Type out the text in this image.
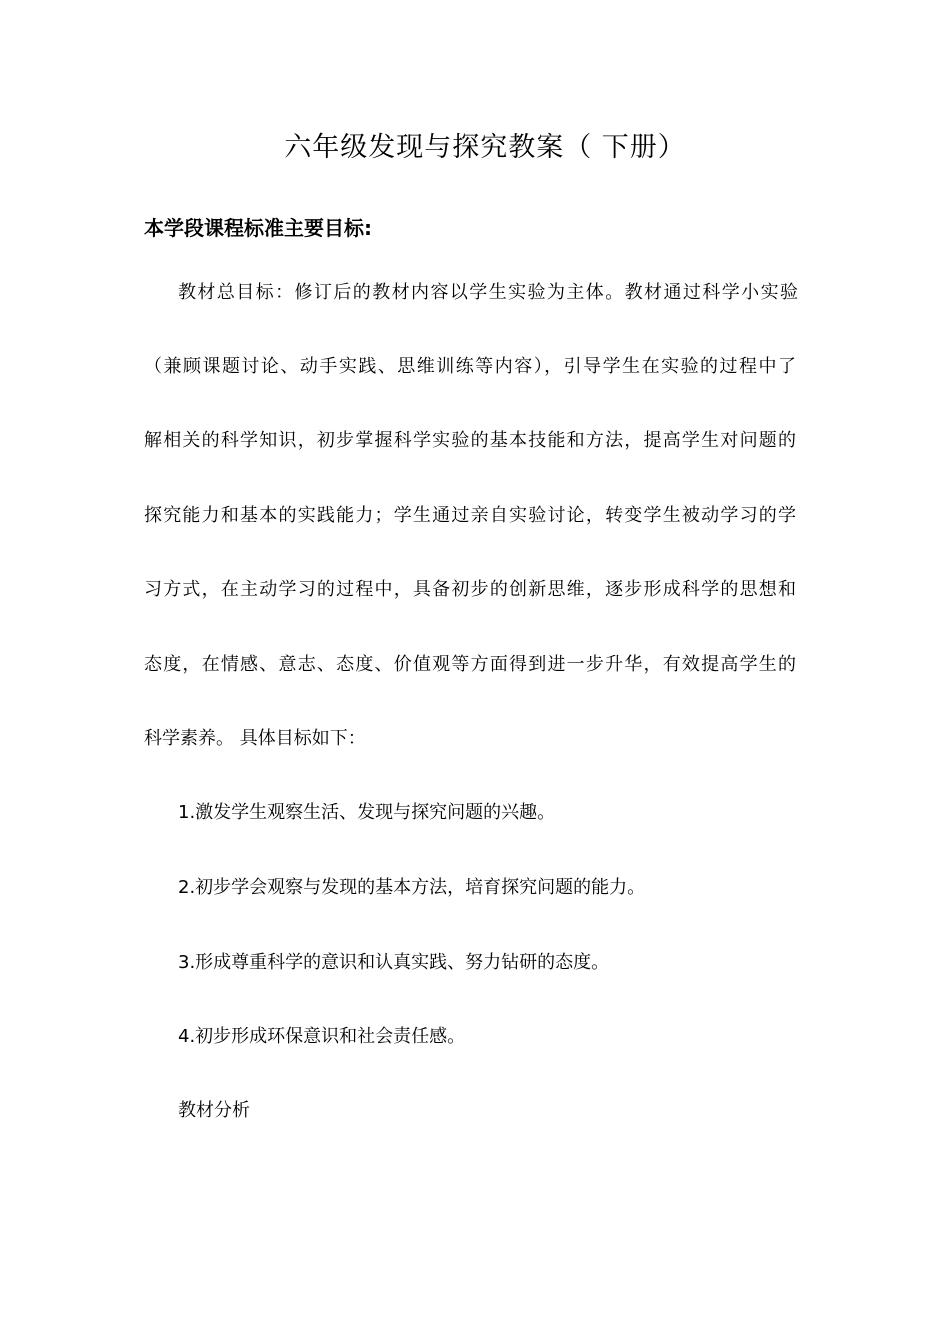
六年级发现与探究教案（ 下册）
本学段课程标准主要目标:
教材总目标：修订后的教材内容以学生实验为主体。教材通过科学小实验
（兼顾课题讨论、动手实践、思维训练等内容），引导学生在实验的过程中了
解相关的科学知识，初步掌握科学实验的基本技能和方法，提高学生对问题的
探究能力和基本的实践能力；学生通过亲自实验讨论，转变学生被动学习的学
习方式，在主动学习的过程中，具备初步的创新思维，逐步形成科学的思想和
态度，在情感、意志、态度、价值观等方面得到进一步升华，有效提高学生的
科学素养。 具体目标如下：
1.激发学生观察生活、发现与探究问题的兴趣。
2.初步学会观察与发现的基本方法，培育探究问题的能力。
3.形成尊重科学的意识和认真实践、努力钻研的态度。
4.初步形成环保意识和社会责任感。
教材分析
